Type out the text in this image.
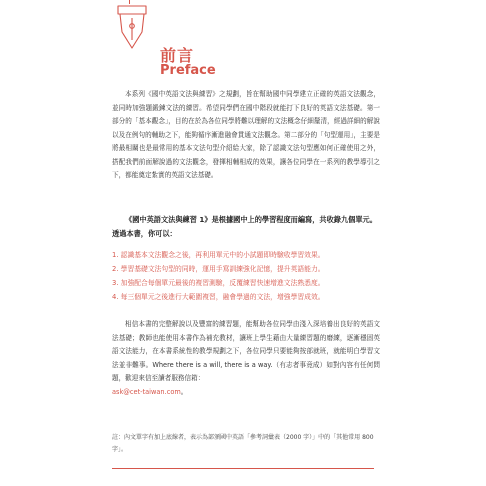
前言
Preface
本系列《國中英語文法與練習》之規劃，旨在幫助國中同學建立正確的英語文法觀念，並同時加強題鍛鍊文法的練習。希望同學們在國中階段就能打下良好的英語文法基礎。第一部分的「基本觀念」，目的在於為各位同學將難以理解的文法概念仔細釐清，經過詳細的解說以及在例句的輔助之下，能夠循序漸進融會貫通文法觀念。第二部分的「句型運用」，主要是將最相關也是最常用的基本文法句型介紹給大家，除了認識文法句型應如何正確使用之外，搭配我們前面解說過的文法觀念，發揮相輔相成的效果，讓各位同學在一系列的教學導引之下，都能奠定紮實的英語文法基礎。
《國中英語文法與練習 1》是根據國中上的學習程度而編寫，共收錄九個單元。透過本書，你可以：
1. 認識基本文法觀念之後，再利用單元中的小試題即時驗收學習效果。
2. 學習基礎文法句型的同時，運用手寫訓練強化記憶，提升英語能力。
3. 加強配合每個單元最後的複習測驗，反覆練習快速增進文法熟悉度。
4. 每三個單元之後進行大範圍複習，融會學過的文法，增強學習成效。
相信本書的完整解說以及豐富的練習題，能幫助各位同學由淺入深培養出良好的英語文法基礎；教師也能使用本書作為補充教材，讓班上學生藉由大量練習題的磨練，逐漸穩固英語文法能力，在本書系統性的教學規劃之下，各位同學只要能夠按部就班，就能明白學習文法並非難事。Where there is a will, there is a way.（有志者事竟成）如對內容有任何問題，歡迎來信至讀者服務信箱：
ask@cet-taiwan.com。
註：內文單字有加上底線者，表示為部頒國中英語「參考詞彙表（2000 字）」中的「其他常用 800 字」。
